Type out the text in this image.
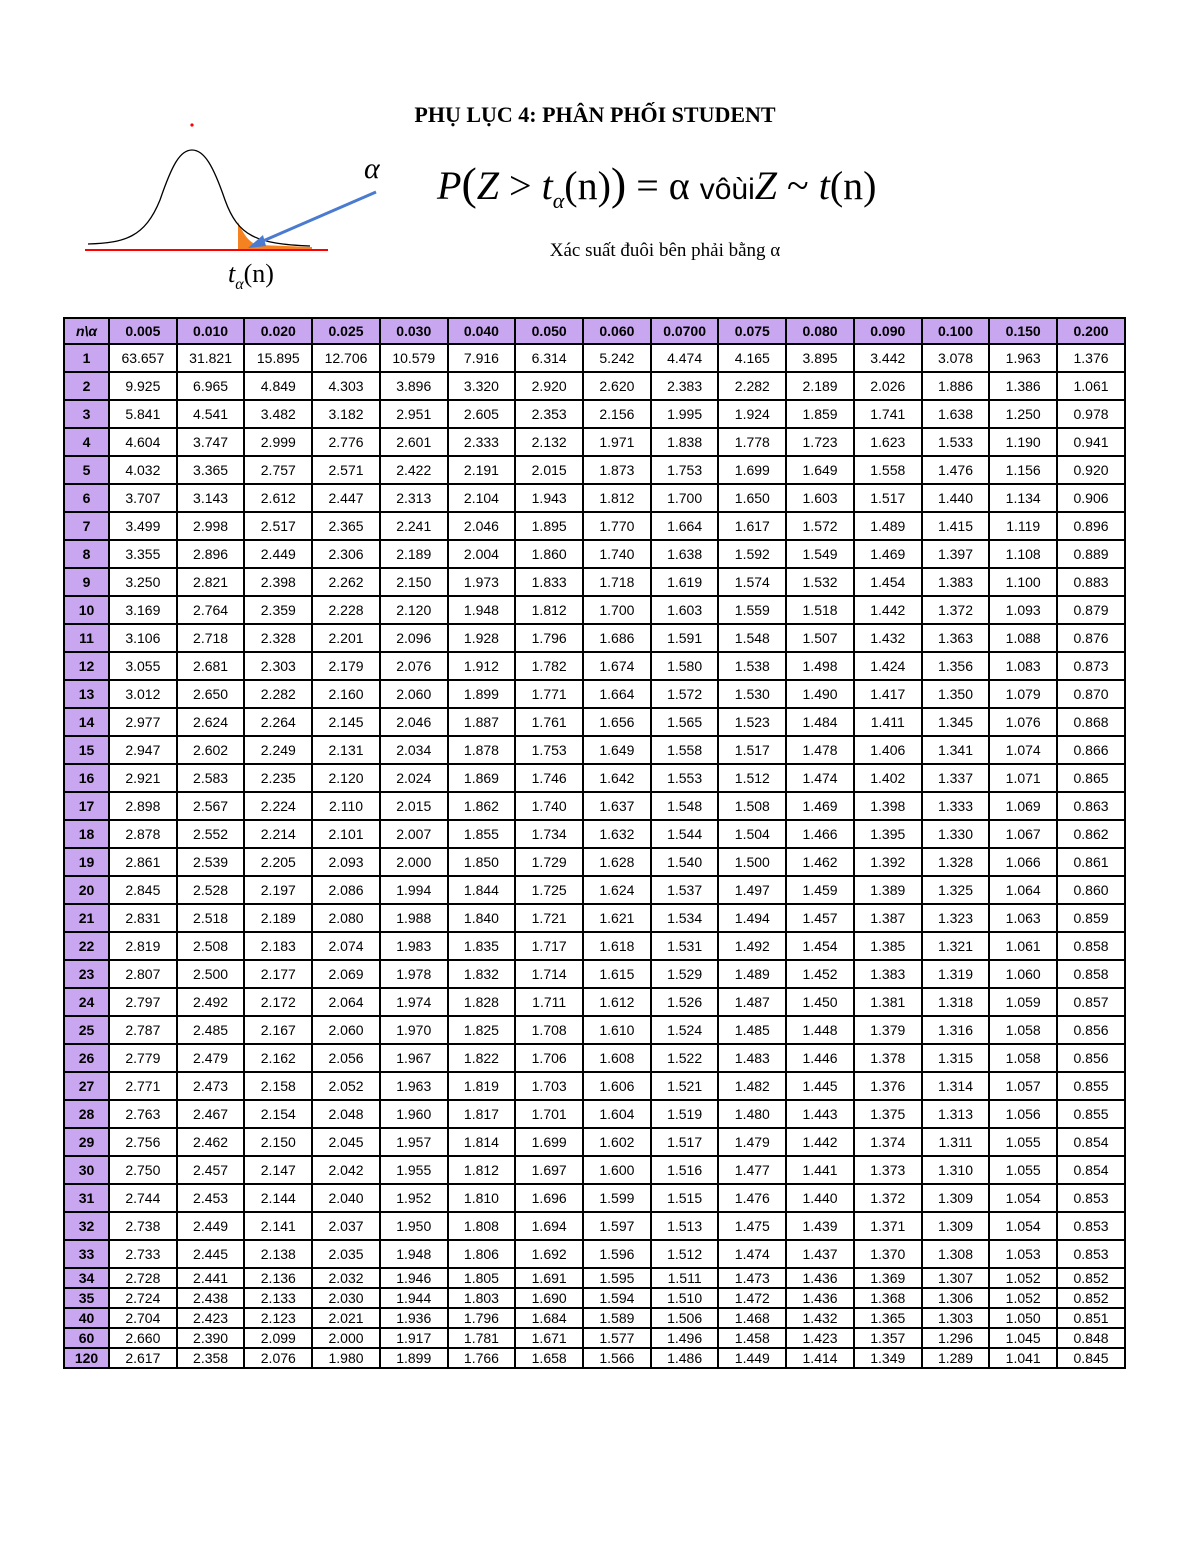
PHỤ LỤC 4: PHÂN PHỐI STUDENT
α
$t_\alpha(n)$
$P(Z > t_\alpha(n)) = \alpha$ vôùiZ ~ t(n)
Xác suất đuôi bên phải bằng α
n\α	0.005	0.010	0.020	0.025	0.030	0.040	0.050	0.060	0.0700	0.075	0.080	0.090	0.100	0.150	0.200
1	63.657	31.821	15.895	12.706	10.579	7.916	6.314	5.242	4.474	4.165	3.895	3.442	3.078	1.963	1.376
2	9.925	6.965	4.849	4.303	3.896	3.320	2.920	2.620	2.383	2.282	2.189	2.026	1.886	1.386	1.061
3	5.841	4.541	3.482	3.182	2.951	2.605	2.353	2.156	1.995	1.924	1.859	1.741	1.638	1.250	0.978
4	4.604	3.747	2.999	2.776	2.601	2.333	2.132	1.971	1.838	1.778	1.723	1.623	1.533	1.190	0.941
5	4.032	3.365	2.757	2.571	2.422	2.191	2.015	1.873	1.753	1.699	1.649	1.558	1.476	1.156	0.920
6	3.707	3.143	2.612	2.447	2.313	2.104	1.943	1.812	1.700	1.650	1.603	1.517	1.440	1.134	0.906
7	3.499	2.998	2.517	2.365	2.241	2.046	1.895	1.770	1.664	1.617	1.572	1.489	1.415	1.119	0.896
8	3.355	2.896	2.449	2.306	2.189	2.004	1.860	1.740	1.638	1.592	1.549	1.469	1.397	1.108	0.889
9	3.250	2.821	2.398	2.262	2.150	1.973	1.833	1.718	1.619	1.574	1.532	1.454	1.383	1.100	0.883
10	3.169	2.764	2.359	2.228	2.120	1.948	1.812	1.700	1.603	1.559	1.518	1.442	1.372	1.093	0.879
11	3.106	2.718	2.328	2.201	2.096	1.928	1.796	1.686	1.591	1.548	1.507	1.432	1.363	1.088	0.876
12	3.055	2.681	2.303	2.179	2.076	1.912	1.782	1.674	1.580	1.538	1.498	1.424	1.356	1.083	0.873
13	3.012	2.650	2.282	2.160	2.060	1.899	1.771	1.664	1.572	1.530	1.490	1.417	1.350	1.079	0.870
14	2.977	2.624	2.264	2.145	2.046	1.887	1.761	1.656	1.565	1.523	1.484	1.411	1.345	1.076	0.868
15	2.947	2.602	2.249	2.131	2.034	1.878	1.753	1.649	1.558	1.517	1.478	1.406	1.341	1.074	0.866
16	2.921	2.583	2.235	2.120	2.024	1.869	1.746	1.642	1.553	1.512	1.474	1.402	1.337	1.071	0.865
17	2.898	2.567	2.224	2.110	2.015	1.862	1.740	1.637	1.548	1.508	1.469	1.398	1.333	1.069	0.863
18	2.878	2.552	2.214	2.101	2.007	1.855	1.734	1.632	1.544	1.504	1.466	1.395	1.330	1.067	0.862
19	2.861	2.539	2.205	2.093	2.000	1.850	1.729	1.628	1.540	1.500	1.462	1.392	1.328	1.066	0.861
20	2.845	2.528	2.197	2.086	1.994	1.844	1.725	1.624	1.537	1.497	1.459	1.389	1.325	1.064	0.860
21	2.831	2.518	2.189	2.080	1.988	1.840	1.721	1.621	1.534	1.494	1.457	1.387	1.323	1.063	0.859
22	2.819	2.508	2.183	2.074	1.983	1.835	1.717	1.618	1.531	1.492	1.454	1.385	1.321	1.061	0.858
23	2.807	2.500	2.177	2.069	1.978	1.832	1.714	1.615	1.529	1.489	1.452	1.383	1.319	1.060	0.858
24	2.797	2.492	2.172	2.064	1.974	1.828	1.711	1.612	1.526	1.487	1.450	1.381	1.318	1.059	0.857
25	2.787	2.485	2.167	2.060	1.970	1.825	1.708	1.610	1.524	1.485	1.448	1.379	1.316	1.058	0.856
26	2.779	2.479	2.162	2.056	1.967	1.822	1.706	1.608	1.522	1.483	1.446	1.378	1.315	1.058	0.856
27	2.771	2.473	2.158	2.052	1.963	1.819	1.703	1.606	1.521	1.482	1.445	1.376	1.314	1.057	0.855
28	2.763	2.467	2.154	2.048	1.960	1.817	1.701	1.604	1.519	1.480	1.443	1.375	1.313	1.056	0.855
29	2.756	2.462	2.150	2.045	1.957	1.814	1.699	1.602	1.517	1.479	1.442	1.374	1.311	1.055	0.854
30	2.750	2.457	2.147	2.042	1.955	1.812	1.697	1.600	1.516	1.477	1.441	1.373	1.310	1.055	0.854
31	2.744	2.453	2.144	2.040	1.952	1.810	1.696	1.599	1.515	1.476	1.440	1.372	1.309	1.054	0.853
32	2.738	2.449	2.141	2.037	1.950	1.808	1.694	1.597	1.513	1.475	1.439	1.371	1.309	1.054	0.853
33	2.733	2.445	2.138	2.035	1.948	1.806	1.692	1.596	1.512	1.474	1.437	1.370	1.308	1.053	0.853
34	2.728	2.441	2.136	2.032	1.946	1.805	1.691	1.595	1.511	1.473	1.436	1.369	1.307	1.052	0.852
35	2.724	2.438	2.133	2.030	1.944	1.803	1.690	1.594	1.510	1.472	1.436	1.368	1.306	1.052	0.852
40	2.704	2.423	2.123	2.021	1.936	1.796	1.684	1.589	1.506	1.468	1.432	1.365	1.303	1.050	0.851
60	2.660	2.390	2.099	2.000	1.917	1.781	1.671	1.577	1.496	1.458	1.423	1.357	1.296	1.045	0.848
120	2.617	2.358	2.076	1.980	1.899	1.766	1.658	1.566	1.486	1.449	1.414	1.349	1.289	1.041	0.845
